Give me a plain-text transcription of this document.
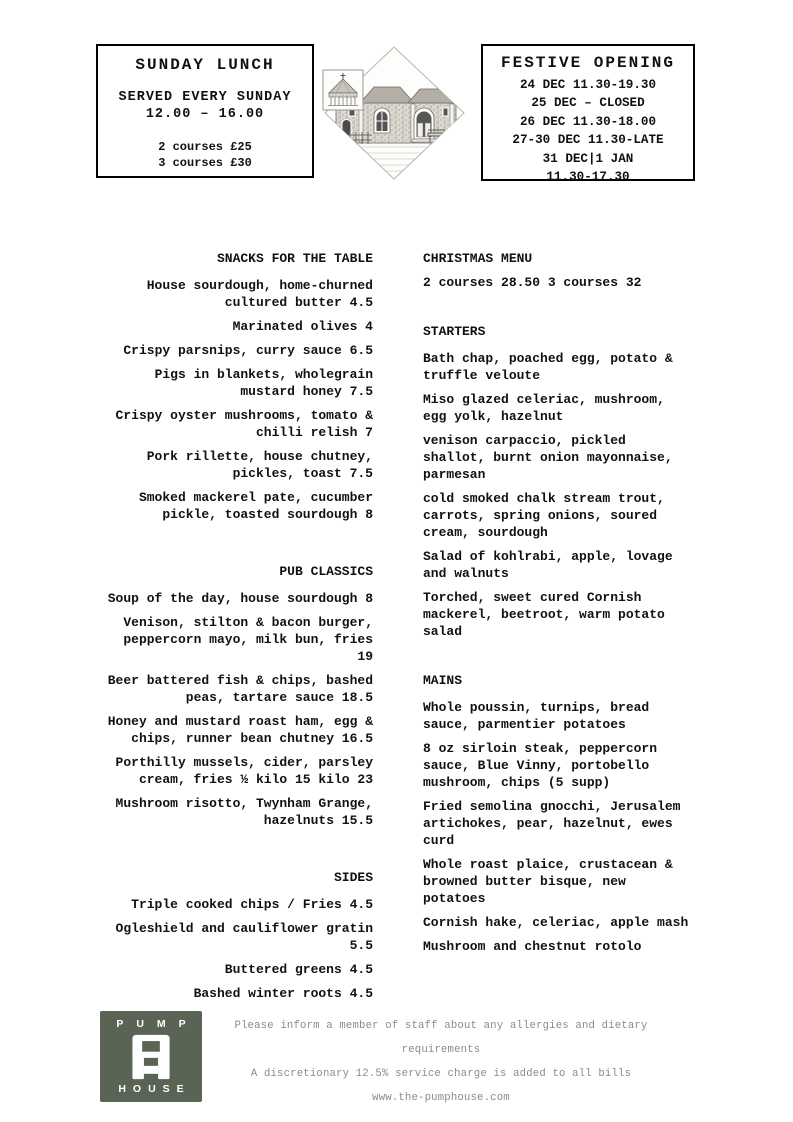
SUNDAY LUNCH
SERVED EVERY SUNDAY
12.00 – 16.00
2 courses £25
3 courses £30
FESTIVE OPENING
24 DEC 11.30-19.30
25 DEC – CLOSED
26 DEC 11.30-18.00
27-30 DEC 11.30-LATE
31 DEC|1 JAN
11.30-17.30

SNACKS FOR THE TABLE

House sourdough, home-churned cultured butter 4.5

Marinated olives 4

Crispy parsnips, curry sauce 6.5

Pigs in blankets, wholegrain mustard honey 7.5

Crispy oyster mushrooms, tomato & chilli relish 7

Pork rillette, house chutney, pickles, toast 7.5

Smoked mackerel pate, cucumber pickle, toasted sourdough 8

PUB CLASSICS

Soup of the day, house sourdough 8

Venison, stilton & bacon burger, peppercorn mayo, milk bun, fries 19

Beer battered fish & chips, bashed peas, tartare sauce 18.5

Honey and mustard roast ham, egg & chips, runner bean chutney 16.5

Porthilly mussels, cider, parsley cream, fries ½ kilo 15 kilo 23

Mushroom risotto, Twynham Grange, hazelnuts 15.5

SIDES

Triple cooked chips / Fries 4.5

Ogleshield and cauliflower gratin 5.5

Buttered greens 4.5

Bashed winter roots 4.5

CHRISTMAS MENU

2 courses 28.50 3 courses 32

STARTERS

Bath chap, poached egg, potato & truffle veloute

Miso glazed celeriac, mushroom, egg yolk, hazelnut

venison carpaccio, pickled shallot, burnt onion mayonnaise, parmesan

cold smoked chalk stream trout, carrots, spring onions, soured cream, sourdough

Salad of kohlrabi, apple, lovage and walnuts

Torched, sweet cured Cornish mackerel, beetroot, warm potato salad

MAINS

Whole poussin, turnips, bread sauce, parmentier potatoes

8 oz sirloin steak, peppercorn sauce, Blue Vinny, portobello mushroom, chips (5 supp)

Fried semolina gnocchi, Jerusalem artichokes, pear, hazelnut, ewes curd

Whole roast plaice, crustacean & browned butter bisque, new potatoes

Cornish hake, celeriac, apple mash

Mushroom and chestnut rotolo

PUMP
HOUSE

Please inform a member of staff about any allergies and dietary requirements

A discretionary 12.5% service charge is added to all bills

www.the-pumphouse.com
